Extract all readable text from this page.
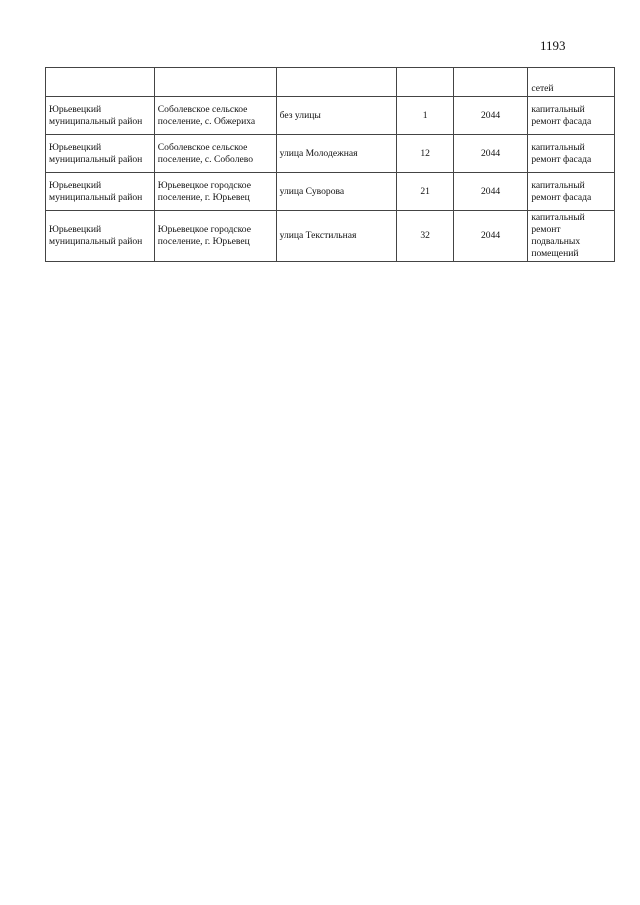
1193
					сетей
Юрьевецкий муниципальный район	Соболевское сельское поселение, с. Обжериха	без улицы	1	2044	капитальный ремонт фасада
Юрьевецкий муниципальный район	Соболевское сельское поселение, с. Соболево	улица Молодежная	12	2044	капитальный ремонт фасада
Юрьевецкий муниципальный район	Юрьевецкое городское поселение, г. Юрьевец	улица Суворова	21	2044	капитальный ремонт фасада
Юрьевецкий муниципальный район	Юрьевецкое городское поселение, г. Юрьевец	улица Текстильная	32	2044	капитальный ремонт подвальных помещений
